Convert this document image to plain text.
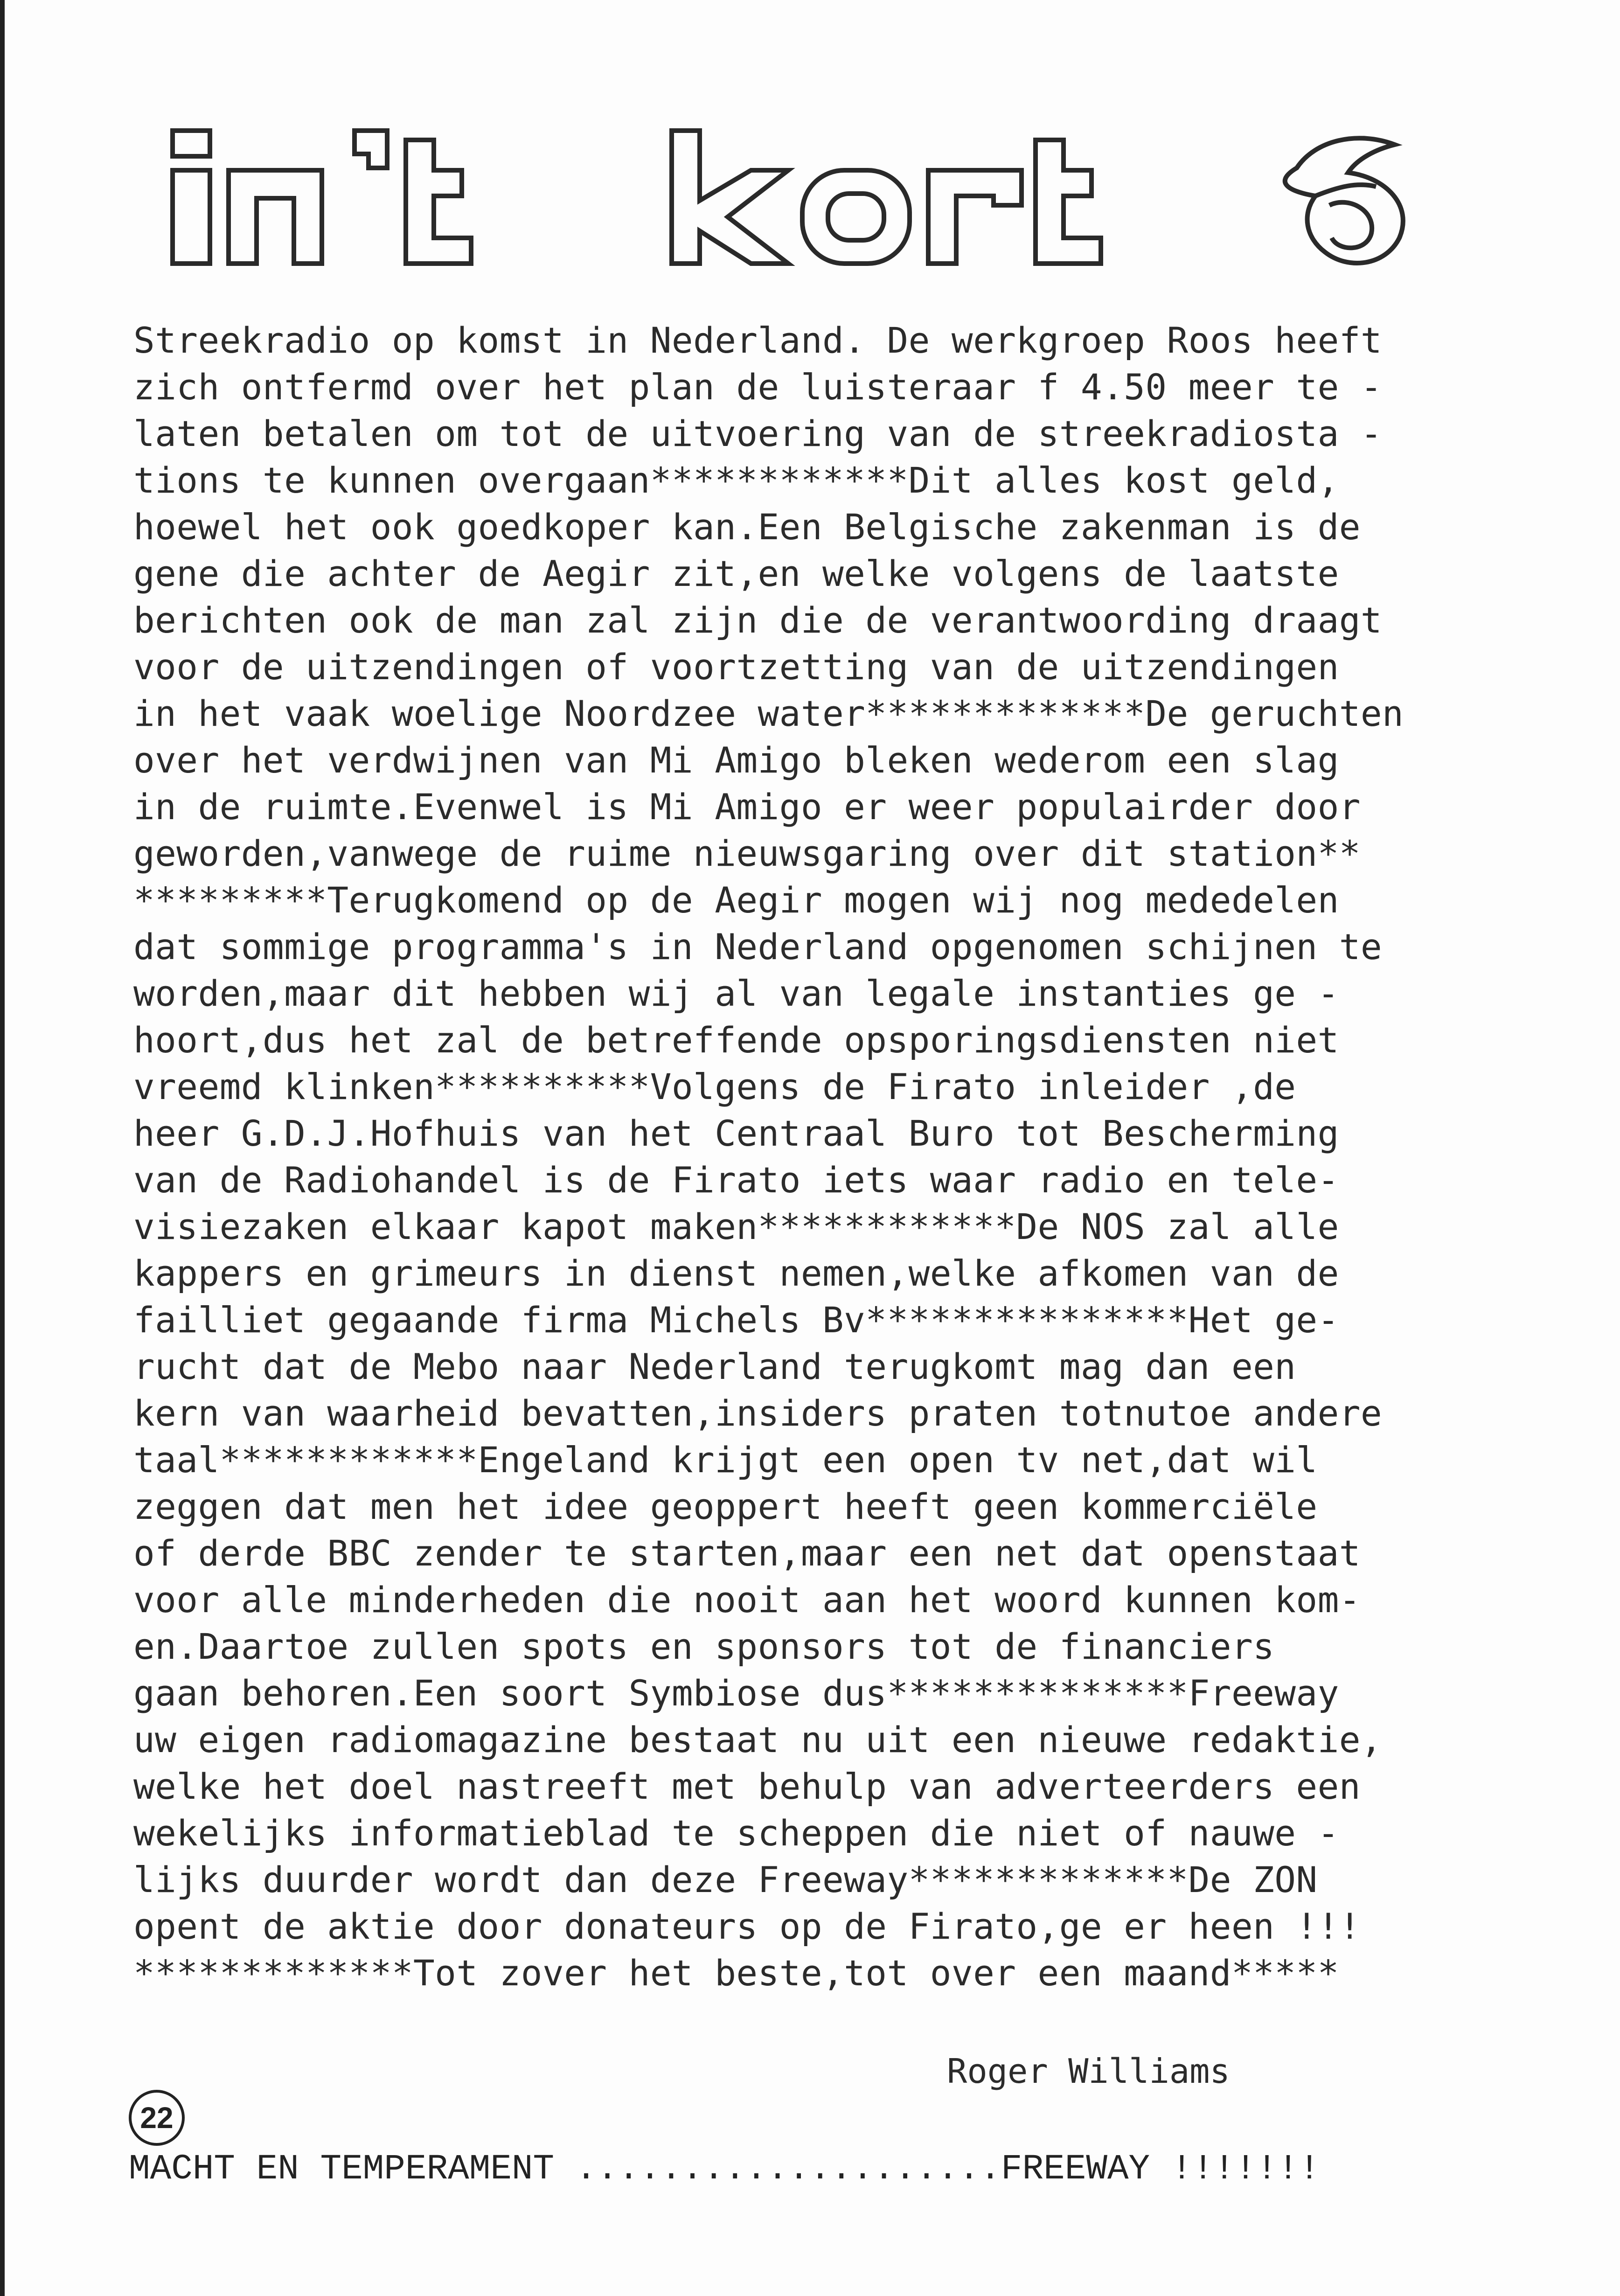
Streekradio op komst in Nederland. De werkgroep Roos heeft
zich ontfermd over het plan de luisteraar f 4.50 meer te -
laten betalen om tot de uitvoering van de streekradiosta -
tions te kunnen overgaan************Dit alles kost geld,
hoewel het ook goedkoper kan.Een Belgische zakenman is de
gene die achter de Aegir zit,en welke volgens de laatste
berichten ook de man zal zijn die de verantwoording draagt
voor de uitzendingen of voortzetting van de uitzendingen
in het vaak woelige Noordzee water*************De geruchten
over het verdwijnen van Mi Amigo bleken wederom een slag
in de ruimte.Evenwel is Mi Amigo er weer populairder door
geworden,vanwege de ruime nieuwsgaring over dit station**
*********Terugkomend op de Aegir mogen wij nog mededelen
dat sommige programma's in Nederland opgenomen schijnen te
worden,maar dit hebben wij al van legale instanties ge -
hoort,dus het zal de betreffende opsporingsdiensten niet
vreemd klinken**********Volgens de Firato inleider ,de
heer G.D.J.Hofhuis van het Centraal Buro tot Bescherming
van de Radiohandel is de Firato iets waar radio en tele-
visiezaken elkaar kapot maken************De NOS zal alle
kappers en grimeurs in dienst nemen,welke afkomen van de
failliet gegaande firma Michels Bv***************Het ge-
rucht dat de Mebo naar Nederland terugkomt mag dan een
kern van waarheid bevatten,insiders praten totnutoe andere
taal************Engeland krijgt een open tv net,dat wil
zeggen dat men het idee geoppert heeft geen kommerciële
of derde BBC zender te starten,maar een net dat openstaat
voor alle minderheden die nooit aan het woord kunnen kom-
en.Daartoe zullen spots en sponsors tot de financiers
gaan behoren.Een soort Symbiose dus**************Freeway
uw eigen radiomagazine bestaat nu uit een nieuwe redaktie,
welke het doel nastreeft met behulp van adverteerders een
wekelijks informatieblad te scheppen die niet of nauwe -
lijks duurder wordt dan deze Freeway*************De ZON
opent de aktie door donateurs op de Firato,ge er heen !!!
*************Tot zover het beste,tot over een maand*****
Roger Williams
22
MACHT EN TEMPERAMENT ....................FREEWAY !!!!!!!
